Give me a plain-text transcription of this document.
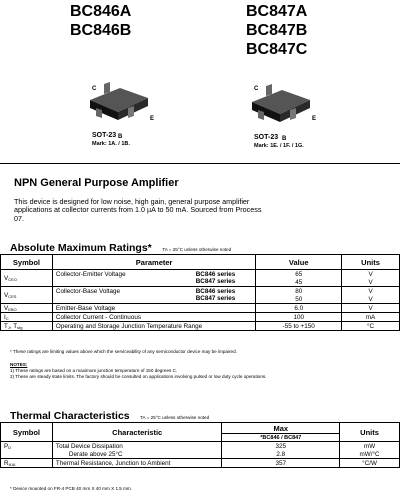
BC846A
BC846B
BC847A
BC847B
BC847C
C
B
E
SOT-23
Mark: 1A. / 1B.
C
B
E
SOT-23
Mark: 1E. / 1F. / 1G.
NPN General Purpose Amplifier
This device is designed for low noise, high gain, general purpose amplifier applications at collector currents from 1.0 µA to 50 mA. Sourced from Process 07.
Absolute Maximum Ratings* TA = 25°C unless otherwise noted
Symbol	Parameter	Value	Units
$V_{CEO}$	Collector-Emitter Voltage BC846 series	65	V

	BC847 series	45	V
$V_{CES}$	Collector-Base Voltage BC846 series	80	V

	BC847 series	50	V
$V_{EBO}$	Emitter-Base Voltage	6.0	V
$I_C$	Collector Current - Continuous	100	mA
$T_J$, $T_{stg}$	Operating and Storage Junction Temperature Range	-55 to +150	°C
* These ratings are limiting values above which the serviceability of any semiconductor device may be impaired.
NOTES:
1) These ratings are based on a maximum junction temperature of 150 degrees C.
2) These are steady state limits. The factory should be consulted on applications involving pulsed or low duty cycle operations.
Thermal Characteristics TA = 25°C unless otherwise noted
Symbol	Characteristic	Max	Units
		*BC846 / BC847	
$P_D$	Total Device Dissipation	325	mW
	Derate above 25°C	2.8	mW/°C
$R_{\theta JA}$	Thermal Resistance, Junction to Ambient	357	°C/W
* Device mounted on FR-4 PCB 40 mm X 40 mm X 1.5 mm.
